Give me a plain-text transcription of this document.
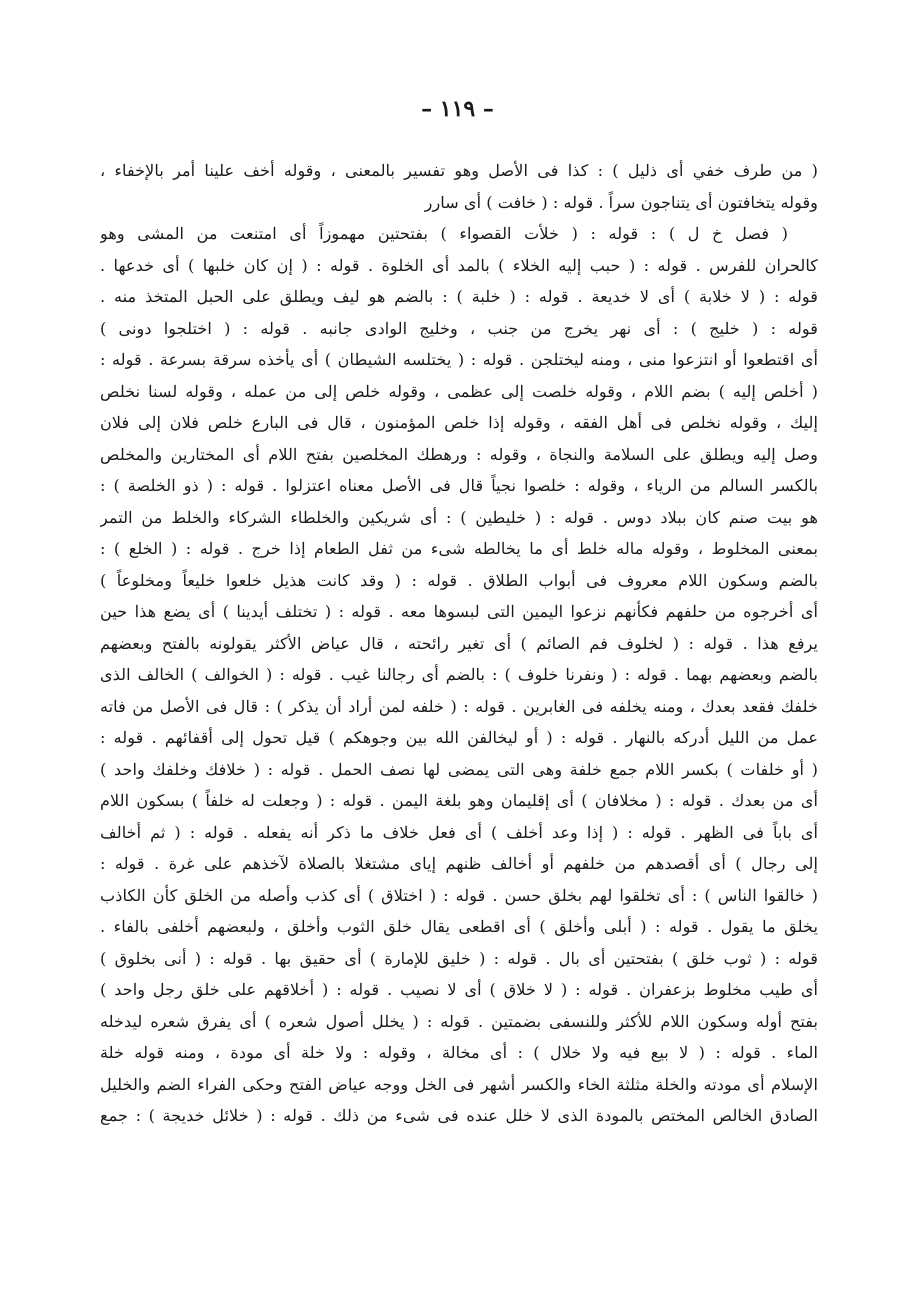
– ١١٩ –
( من طرف خفي أى ذليل ) : كذا فى الأصل وهو تفسير بالمعنى ، وقوله أخف علينا أمر بالإخفاء ،
وقوله يتخافتون أى يتناجون سراً . قوله : ( خافت ) أى سارر
( فصل خ ل ) : قوله : ( خلأت القصواء ) بفتحتين مهموزاً أى امتنعت من المشى وهو
كالحران للفرس . قوله : ( حبب إليه الخلاء ) بالمد أى الخلوة . قوله : ( إن كان خلبها ) أى خدعها .
قوله : ( لا خلابة ) أى لا خديعة . قوله : ( خلبة ) : بالضم هو ليف ويطلق على الحبل المتخذ منه .
قوله : ( خليج ) : أى نهر يخرج من جنب ، وخليج الوادى جانبه . قوله : ( اختلجوا دونى )
أى اقتطعوا أو انتزعوا منى ، ومنه ليختلجن . قوله : ( يختلسه الشيطان ) أى يأخذه سرقة بسرعة . قوله :
( أخلص إليه ) بضم اللام ، وقوله خلصت إلى عظمى ، وقوله خلص إلى من عمله ، وقوله لسنا نخلص
إليك ، وقوله نخلص فى أهل الفقه ، وقوله إذا خلص المؤمنون ، قال فى البارع خلص فلان إلى فلان
وصل إليه ويطلق على السلامة والنجاة ، وقوله : ورهطك المخلصين بفتح اللام أى المختارين والمخلص
بالكسر السالم من الرياء ، وقوله : خلصوا نجياً قال فى الأصل معناه اعتزلوا . قوله : ( ذو الخلصة ) :
هو بيت صنم كان ببلاد دوس . قوله : ( خليطين ) : أى شريكين والخلطاء الشركاء والخلط من التمر
بمعنى المخلوط ، وقوله ماله خلط أى ما يخالطه شىء من ثفل الطعام إذا خرج . قوله : ( الخلع ) :
بالضم وسكون اللام معروف فى أبواب الطلاق . قوله : ( وقد كانت هذيل خلعوا خليعاً ومخلوعاً )
أى أخرجوه من حلفهم فكأنهم نزعوا اليمين التى لبسوها معه . قوله : ( تختلف أيدينا ) أى يضع هذا حين
يرفع هذا . قوله : ( لخلوف فم الصائم ) أى تغير رائحته ، قال عياض الأكثر يقولونه بالفتح وبعضهم
بالضم وبعضهم بهما . قوله : ( ونفرنا خلوف ) : بالضم أى رجالنا غيب . قوله : ( الخوالف ) الخالف الذى
خلفك فقعد بعدك ، ومنه يخلفه فى الغابرين . قوله : ( خلفه لمن أراد أن يذكر ) : قال فى الأصل من فاته
عمل من الليل أدركه بالنهار . قوله : ( أو ليخالفن الله بين وجوهكم ) قيل تحول إلى أقفائهم . قوله :
( أو خلفات ) بكسر اللام جمع خلفة وهى التى يمضى لها نصف الحمل . قوله : ( خلافك وخلفك واحد )
أى من بعدك . قوله : ( مخلافان ) أى إقليمان وهو بلغة اليمن . قوله : ( وجعلت له خلفاً ) بسكون اللام
أى باباً فى الظهر . قوله : ( إذا وعد أخلف ) أى فعل خلاف ما ذكر أنه يفعله . قوله : ( ثم أخالف
إلى رجال ) أى أقصدهم من خلفهم أو أخالف ظنهم إياى مشتغلا بالصلاة لآخذهم على غرة . قوله :
( خالقوا الناس ) : أى تخلقوا لهم بخلق حسن . قوله : ( اختلاق ) أى كذب وأصله من الخلق كأن الكاذب
يخلق ما يقول . قوله : ( أبلى وأخلق ) أى اقطعى يقال خلق الثوب وأخلق ، ولبعضهم أخلفى بالفاء .
قوله : ( ثوب خلق ) بفتحتين أى بال . قوله : ( خليق للإمارة ) أى حقيق بها . قوله : ( أنى بخلوق )
أى طيب مخلوط بزعفران . قوله : ( لا خلاق ) أى لا نصيب . قوله : ( أخلاقهم على خلق رجل واحد )
بفتح أوله وسكون اللام للأكثر وللنسفى بضمتين . قوله : ( يخلل أصول شعره ) أى يفرق شعره ليدخله
الماء . قوله : ( لا بيع فيه ولا خلال ) : أى مخالة ، وقوله : ولا خلة أى مودة ، ومنه قوله خلة
الإسلام أى مودته والخلة مثلثة الخاء والكسر أشهر فى الخل ووجه عياض الفتح وحكى الفراء الضم والخليل
الصادق الخالص المختص بالمودة الذى لا خلل عنده فى شىء من ذلك . قوله : ( خلائل خديجة ) : جمع
